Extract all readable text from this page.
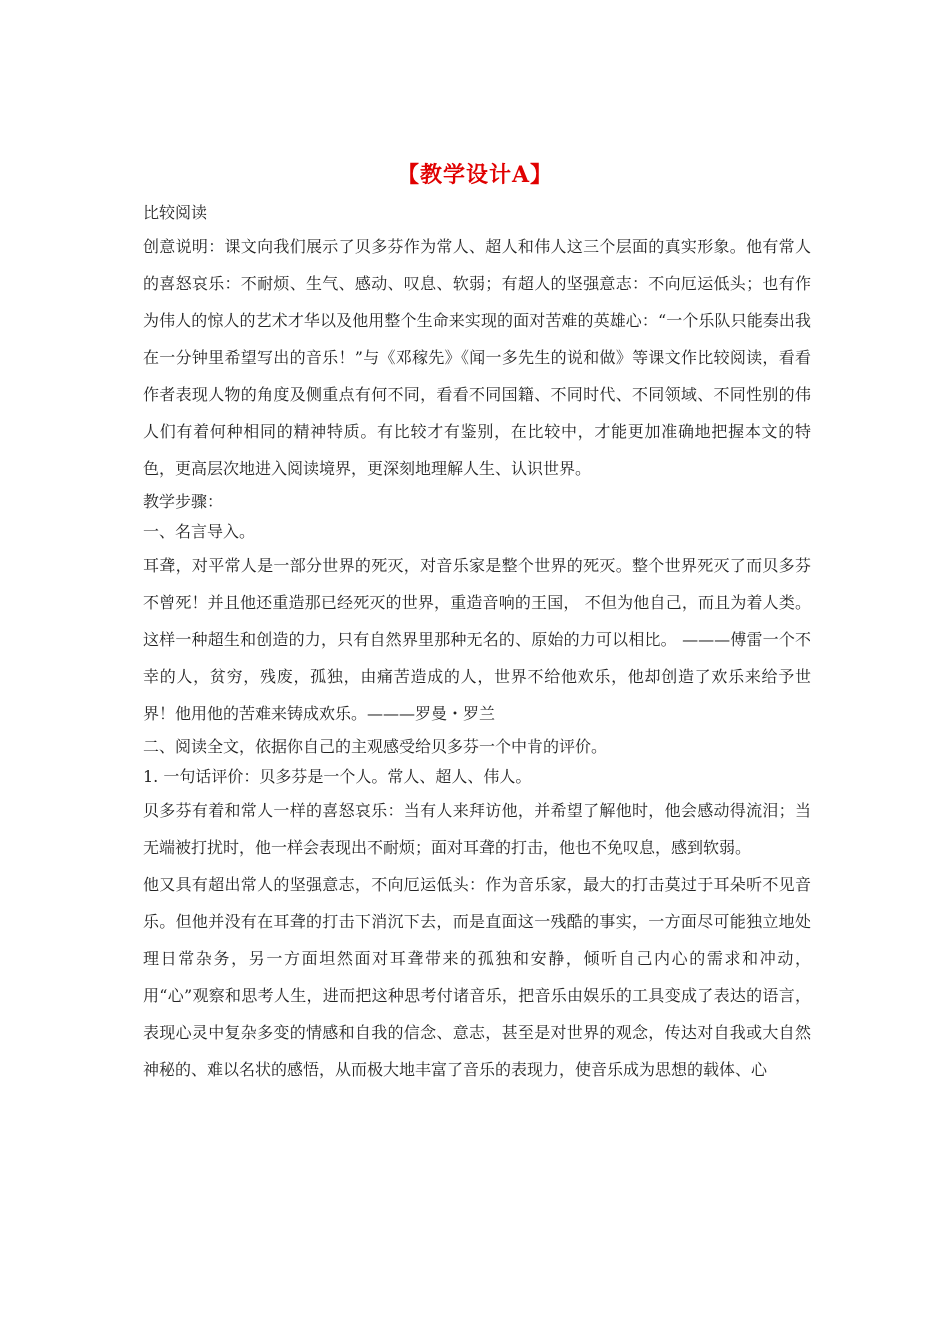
【教学设计A】

比较阅读

创意说明：课文向我们展示了贝多芬作为常人、超人和伟人这三个层面的真实形象。他有常人的喜怒哀乐：不耐烦、生气、感动、叹息、软弱；有超人的坚强意志：不向厄运低头；也有作为伟人的惊人的艺术才华以及他用整个生命来实现的面对苦难的英雄心：“一个乐队只能奏出我在一分钟里希望写出的音乐！”与《邓稼先》《闻一多先生的说和做》等课文作比较阅读，看看作者表现人物的角度及侧重点有何不同，看看不同国籍、不同时代、不同领域、不同性别的伟人们有着何种相同的精神特质。有比较才有鉴别，在比较中，才能更加准确地把握本文的特色，更高层次地进入阅读境界，更深刻地理解人生、认识世界。

教学步骤：

一、名言导入。

耳聋，对平常人是一部分世界的死灭，对音乐家是整个世界的死灭。整个世界死灭了而贝多芬不曾死！并且他还重造那已经死灭的世界，重造音响的王国， 不但为他自己，而且为着人类。这样一种超生和创造的力，只有自然界里那种无名的、原始的力可以相比。 ———傅雷一个不幸的人，贫穷，残废，孤独，由痛苦造成的人，世界不给他欢乐，他却创造了欢乐来给予世界！他用他的苦难来铸成欢乐。———罗曼・罗兰

二、阅读全文，依据你自己的主观感受给贝多芬一个中肯的评价。

1. 一句话评价：贝多芬是一个人。常人、超人、伟人。

贝多芬有着和常人一样的喜怒哀乐：当有人来拜访他，并希望了解他时，他会感动得流泪；当无端被打扰时，他一样会表现出不耐烦；面对耳聋的打击，他也不免叹息，感到软弱。

他又具有超出常人的坚强意志，不向厄运低头：作为音乐家，最大的打击莫过于耳朵听不见音乐。但他并没有在耳聋的打击下消沉下去，而是直面这一残酷的事实，一方面尽可能独立地处理日常杂务，另一方面坦然面对耳聋带来的孤独和安静，倾听自己内心的需求和冲动，用“心”观察和思考人生，进而把这种思考付诸音乐，把音乐由娱乐的工具变成了表达的语言，表现心灵中复杂多变的情感和自我的信念、意志，甚至是对世界的观念，传达对自我或大自然神秘的、难以名状的感悟，从而极大地丰富了音乐的表现力，使音乐成为思想的载体、心
